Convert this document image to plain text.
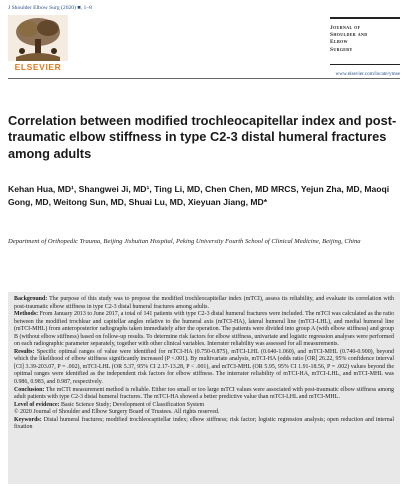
J Shoulder Elbow Surg (2020) ■, 1–8
ELSEVIER
Journal of
Shoulder and
Elbow
Surgery
www.elsevier.com/locate/ymse
Correlation between modified trochleocapitellar index and post-traumatic elbow stiffness in type C2-3 distal humeral fractures among adults
Kehan Hua, MD¹, Shangwei Ji, MD¹, Ting Li, MD, Chen Chen, MD MRCS, Yejun Zha, MD, Maoqi Gong, MD, Weitong Sun, MD, Shuai Lu, MD, Xieyuan Jiang, MD*
Department of Orthopedic Trauma, Beijing Jishuitan Hospital, Peking University Fourth School of Clinical Medicine, Beijing, China

Background: The purpose of this study was to propose the modified trochleocapitellar index (mTCI), assess its reliability, and evaluate its correlation with post-traumatic elbow stiffness in type C2-3 distal humeral fractures among adults.

Methods: From January 2013 to June 2017, a total of 141 patients with type C2-3 distal humeral fractures were included. The mTCI was calculated as the ratio between the modified trochlear and capitellar angles relative to the humeral axis (mTCI-HA), lateral humeral line (mTCI-LHL), and medial humeral line (mTCI-MHL) from anteroposterior radiographs taken immediately after the operation. The patients were divided into group A (with elbow stiffness) and group B (without elbow stiffness) based on follow-up results. To determine risk factors for elbow stiffness, univariate and logistic regression analyses were performed on each radiographic parameter separately, together with other clinical variables. Interrater reliability was assessed for all measurements.

Results: Specific optimal ranges of value were identified for mTCI-HA (0.750-0.875), mTCI-LHL (0.640-1.060), and mTCI-MHL (0.740-0.900), beyond which the likelihood of elbow stiffness significantly increased (P <.001). By multivariate analysis, mTCI-HA (odds ratio [OR] 26.22, 95% confidence interval [CI] 3.39-203.07, P = .002), mTCI-LHL (OR 5.37, 95% CI 2.17-13.28, P < .001), and mTCI-MHL (OR 5.95, 95% CI 1.91-18.56, P = .002) values beyond the optimal ranges were identified as the independent risk factors for elbow stiffness. The interrater reliability of mTCI-HA, mTCI-LHL, and mTCI-MHL was 0.986, 0.983, and 0.987, respectively.

Conclusion: The mCTI measurement method is reliable. Either too small or too large mTCI values were associated with post-traumatic elbow stiffness among adult patients with type C2-3 distal humeral fractures. The mTCI-HA showed a better predictive value than mTCI-LHL and mTCI-MHL.

Level of evidence: Basic Science Study; Development of Classification System

© 2020 Journal of Shoulder and Elbow Surgery Board of Trustees. All rights reserved.

Keywords: Distal humeral fractures; modified trochleocapitellar index; elbow stiffness; risk factor; logistic regression analysis; open reduction and internal fixation
